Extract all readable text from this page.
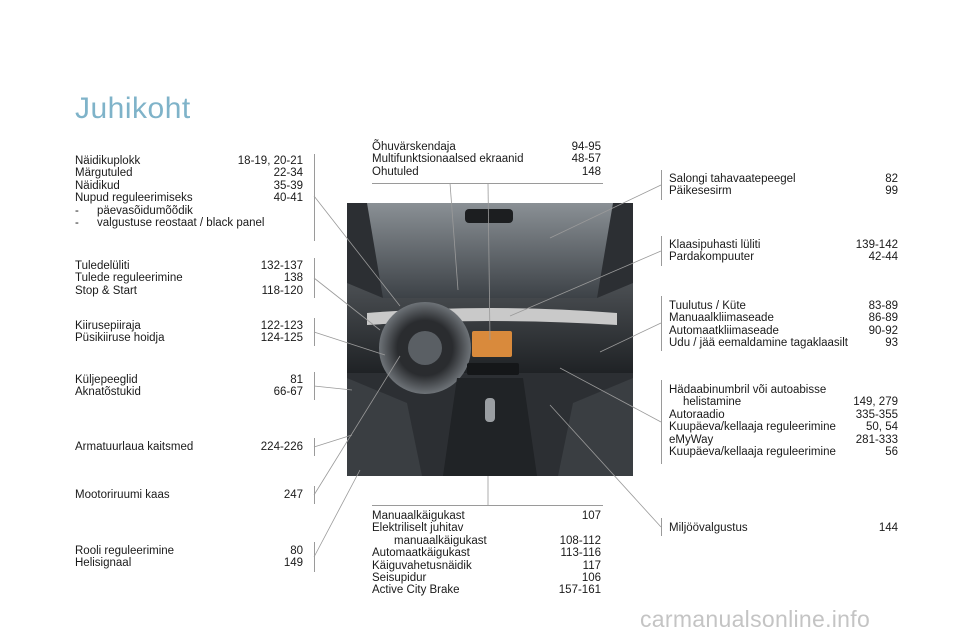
Juhikoht
Näidikuplokk	18-19, 20-21
Märgutuled	22-34
Näidikud	35-39
Nupud reguleerimiseks	40-41
- päevasõidumõõdik
- valgustuse reostaat / black panel
Tuledelüliti	132-137
Tulede reguleerimine	138
Stop & Start	118-120
Kiirusepiiraja	122-123
Püsikiiruse hoidja	124-125
Küljepeeglid	81
Aknatõstukid	66-67
Armatuurlaua kaitsmed	224-226
Mootoriruumi kaas	247
Rooli reguleerimine	80
Helisignaal	149
Õhuvärskendaja	94-95
Multifunktsionaalsed ekraanid	48-57
Ohutuled	148
Manuaalkäigukast	107
Elektriliselt juhitav
manuaalkäigukast	108-112
Automaatkäigukast	113-116
Käiguvahetusnäidik	117
Seisupidur	106
Active City Brake	157-161
Salongi tahavaatepeegel	82
Päikesesirm	99
Klaasipuhasti lüliti	139-142
Pardakompuuter	42-44
Tuulutus / Küte	83-89
Manuaalkliimaseade	86-89
Automaatkliimaseade	90-92
Udu / jää eemaldamine tagaklaasilt	93
Hädaabinumbril või autoabisse
helistamine	149, 279
Autoraadio	335-355
Kuupäeva/kellaaja reguleerimine	50, 54
eMyWay	281-333
Kuupäeva/kellaaja reguleerimine	56
Miljöövalgustus	144
carmanualsonline.info
